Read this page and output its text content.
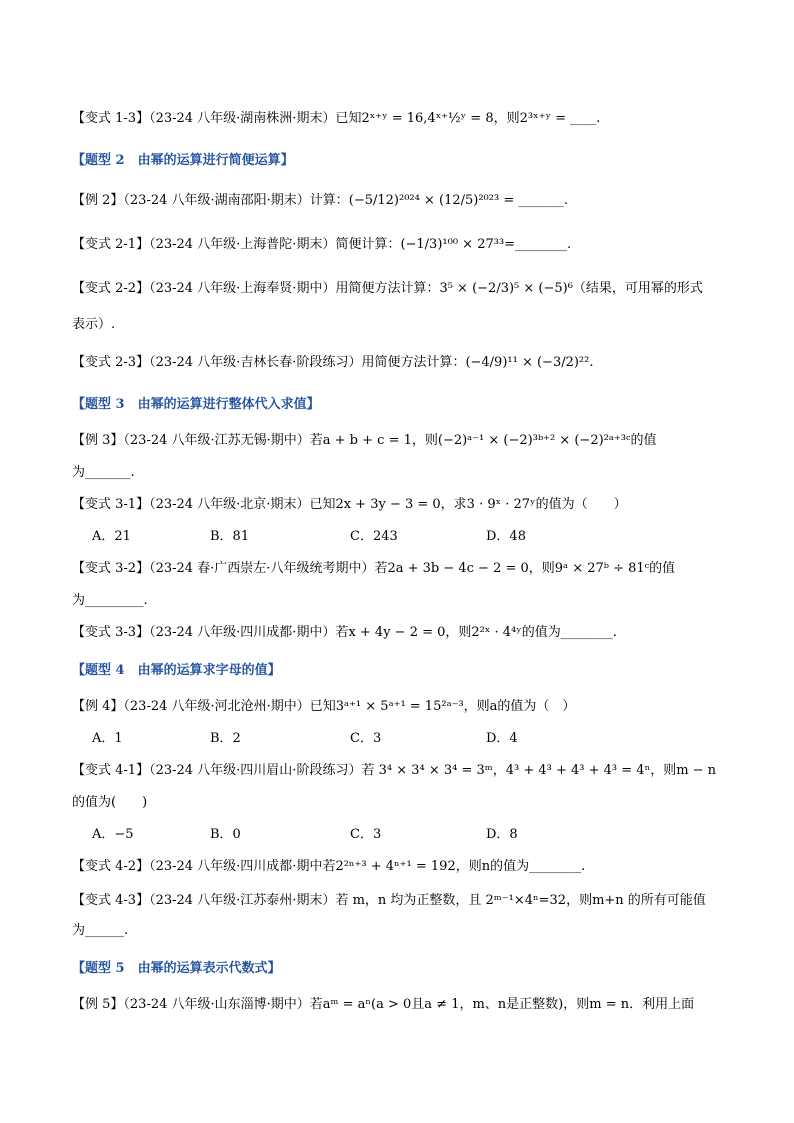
【变式 1-3】（23-24 八年级·湖南株洲·期末）已知2ˣ⁺ʸ = 16,4ˣ⁺½ʸ = 8，则2³ˣ⁺ʸ = ____.
【题型 2　由幂的运算进行简便运算】
【例 2】（23-24 八年级·湖南邵阳·期末）计算：(−5/12)²⁰²⁴ × (12/5)²⁰²³ = _______.
【变式 2-1】（23-24 八年级·上海普陀·期末）简便计算：(−1/3)¹⁰⁰ × 27³³=________.
【变式 2-2】（23-24 八年级·上海奉贤·期中）用简便方法计算：3⁵ × (−2/3)⁵ × (−5)⁶（结果，可用幂的形式
表示）.
【变式 2-3】（23-24 八年级·吉林长春·阶段练习）用简便方法计算：(−4/9)¹¹ × (−3/2)²².
【题型 3　由幂的运算进行整体代入求值】
【例 3】（23-24 八年级·江苏无锡·期中）若a + b + c = 1，则(−2)ᵃ⁻¹ × (−2)³ᵇ⁺² × (−2)²ᵃ⁺³ᶜ的值
为_______.
【变式 3-1】（23-24 八年级·北京·期末）已知2x + 3y − 3 = 0，求3 · 9ˣ · 27ʸ的值为（　　）
A．21	B．81	C．243	D．48
【变式 3-2】（23-24 春·广西崇左·八年级统考期中）若2a + 3b − 4c − 2 = 0，则9ᵃ × 27ᵇ ÷ 81ᶜ的值
为_________.
【变式 3-3】（23-24 八年级·四川成都·期中）若x + 4y − 2 = 0，则2²ˣ · 4⁴ʸ的值为________.
【题型 4　由幂的运算求字母的值】
【例 4】（23-24 八年级·河北沧州·期中）已知3ᵃ⁺¹ × 5ᵃ⁺¹ = 15²ᵃ⁻³，则a的值为（　）
A．1	B．2	C．3	D．4
【变式 4-1】（23-24 八年级·四川眉山·阶段练习）若 3⁴ × 3⁴ × 3⁴ = 3ᵐ，4³ + 4³ + 4³ + 4³ = 4ⁿ，则m − n
的值为(　　)
A．−5	B．0	C．3	D．8
【变式 4-2】（23-24 八年级·四川成都·期中若2²ⁿ⁺³ + 4ⁿ⁺¹ = 192，则n的值为________.
【变式 4-3】（23-24 八年级·江苏泰州·期末）若 m，n 均为正整数，且 2ᵐ⁻¹×4ⁿ=32，则m+n 的所有可能值
为______.
【题型 5　由幂的运算表示代数式】
【例 5】（23-24 八年级·山东淄博·期中）若aᵐ = aⁿ(a > 0且a ≠ 1，m、n是正整数)，则m = n．利用上面
